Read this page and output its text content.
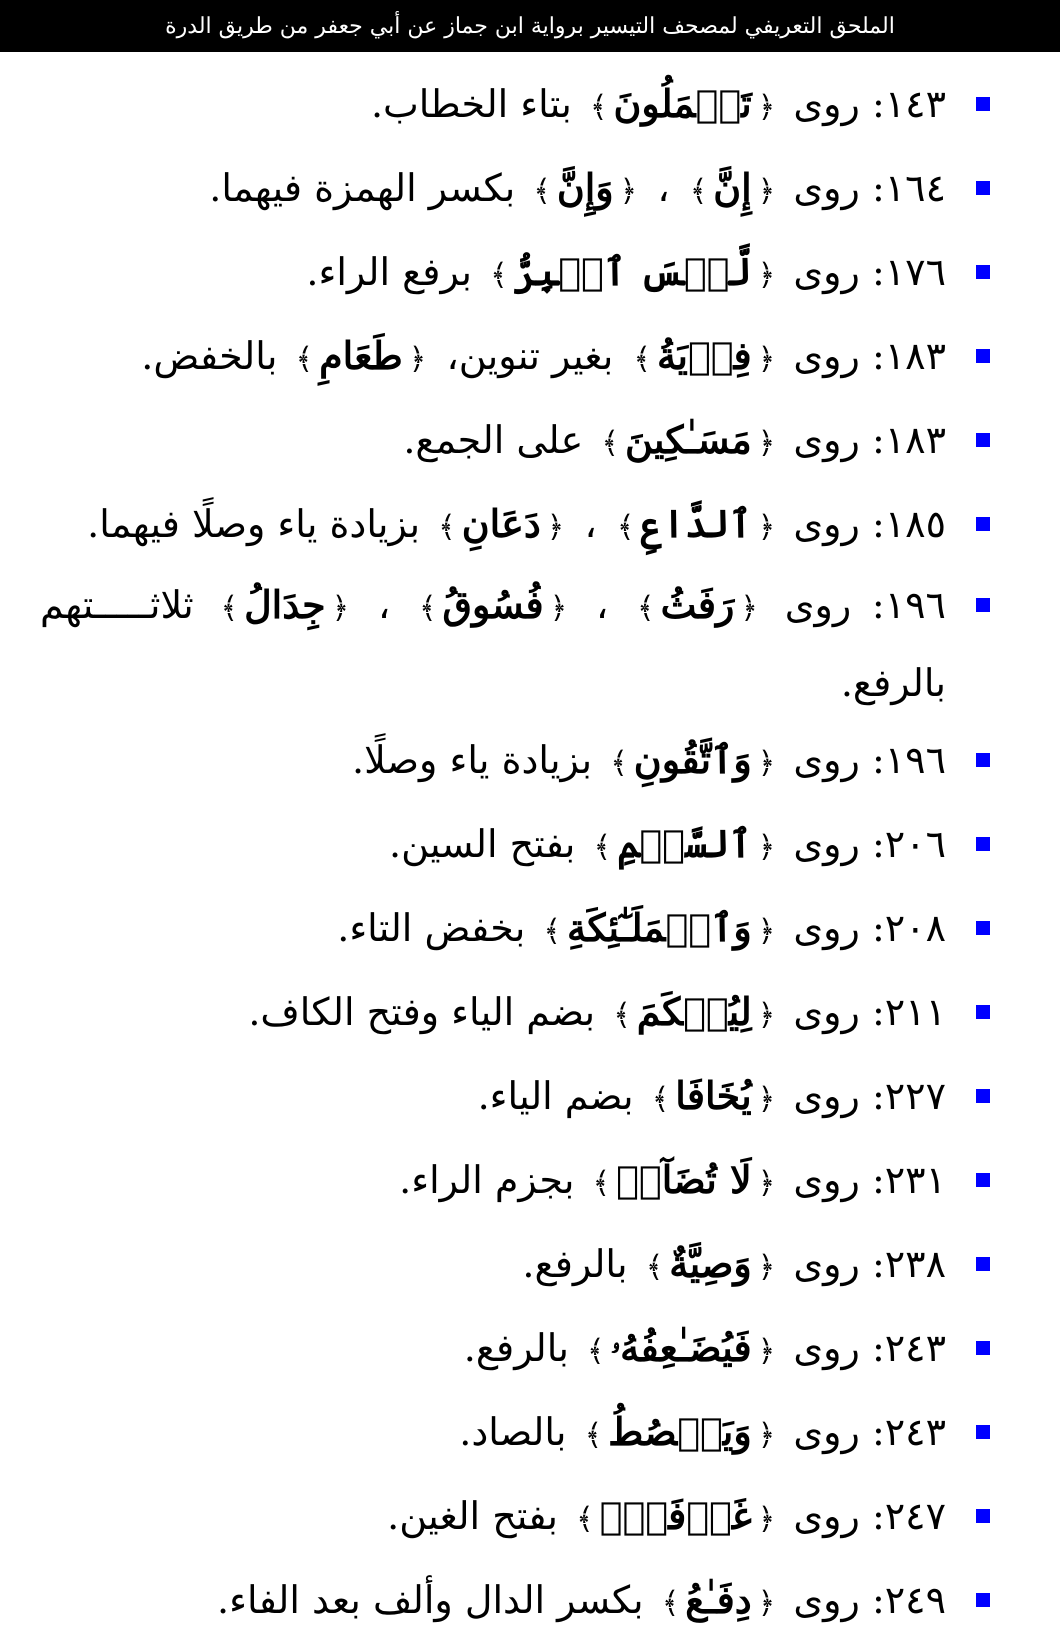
الملحق التعريفي لمصحف التيسير برواية ابن جماز عن أبي جعفر من طريق الدرة
١٤٣: روى ﴿تَعۡمَلُونَ﴾ بتاء الخطاب.
١٦٤: روى ﴿إِنَّ﴾ ، ﴿وَإِنَّ﴾ بكسر الهمزة فيهما.
١٧٦: روى ﴿لَّيۡسَ ٱلۡبِرُّ﴾ برفع الراء.
١٨٣: روى ﴿فِدۡيَةُ﴾ بغير تنوين، ﴿طَعَامِ﴾ بالخفض.
١٨٣: روى ﴿مَسَـٰكِينَ﴾ على الجمع.
١٨٥: روى ﴿ٱلدَّاعِ﴾ ، ﴿دَعَانِ﴾ بزيادة ياء وصلًا فيهما.
١٩٦: روى ﴿رَفَثُ﴾ ، ﴿فُسُوقُ﴾ ، ﴿جِدَالُ﴾ ثلاثـــــتهم بالرفع.
١٩٦: روى ﴿وَٱتَّقُونِ﴾ بزيادة ياء وصلًا.
٢٠٦: روى ﴿ٱلسَّلۡمِ﴾ بفتح السين.
٢٠٨: روى ﴿وَٱلۡمَلَـٰٓئِكَةِ﴾ بخفض التاء.
٢١١: روى ﴿لِيُحۡكَمَ﴾ بضم الياء وفتح الكاف.
٢٢٧: روى ﴿يُخَافَا﴾ بضم الياء.
٢٣١: روى ﴿لَا تُضَآرۡ﴾ بجزم الراء.
٢٣٨: روى ﴿وَصِيَّةٌ﴾ بالرفع.
٢٤٣: روى ﴿فَيُضَـٰعِفُهُۥ﴾ بالرفع.
٢٤٣: روى ﴿وَيَبۡصُطُ﴾ بالصاد.
٢٤٧: روى ﴿غَرۡفَةَۢ﴾ بفتح الغين.
٢٤٩: روى ﴿دِفَـٰعُ﴾ بكسر الدال وألف بعد الفاء.
